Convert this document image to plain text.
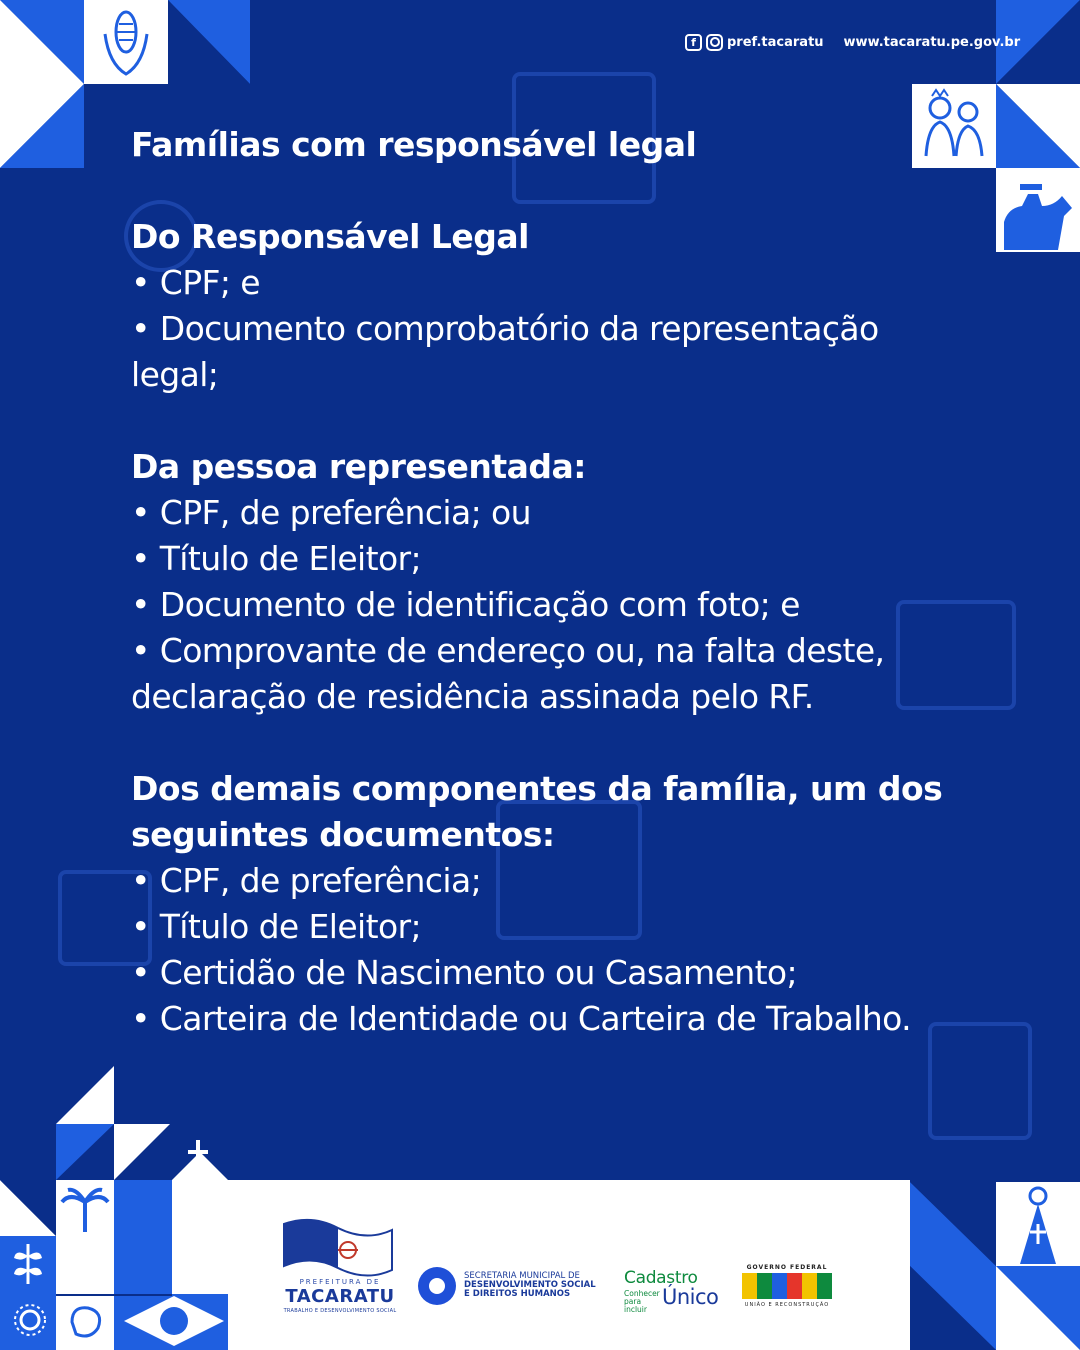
f	pref.tacaratu www.tacaratu.pe.gov.br
Famílias com responsável legal
Do Responsável Legal
• CPF; e
• Documento comprobatório da representação legal;
Da pessoa representada:
• CPF, de preferência; ou
• Título de Eleitor;
• Documento de identificação com foto; e
• Comprovante de endereço ou, na falta deste, declaração de residência assinada pelo RF.
Dos demais componentes da família, um dos seguintes documentos:
• CPF, de preferência;
• Título de Eleitor;
• Certidão de Nascimento ou Casamento;
• Carteira de Identidade ou Carteira de Trabalho.
PREFEITURA DE
TACARATU
TRABALHO E DESENVOLVIMENTO SOCIAL
SECRETARIA MUNICIPAL DE
DESENVOLVIMENTO SOCIAL
E DIREITOS HUMANOS
Cadastro
Conhecer para incluir
Único
GOVERNO FEDERAL
UNIÃO E RECONSTRUÇÃO
